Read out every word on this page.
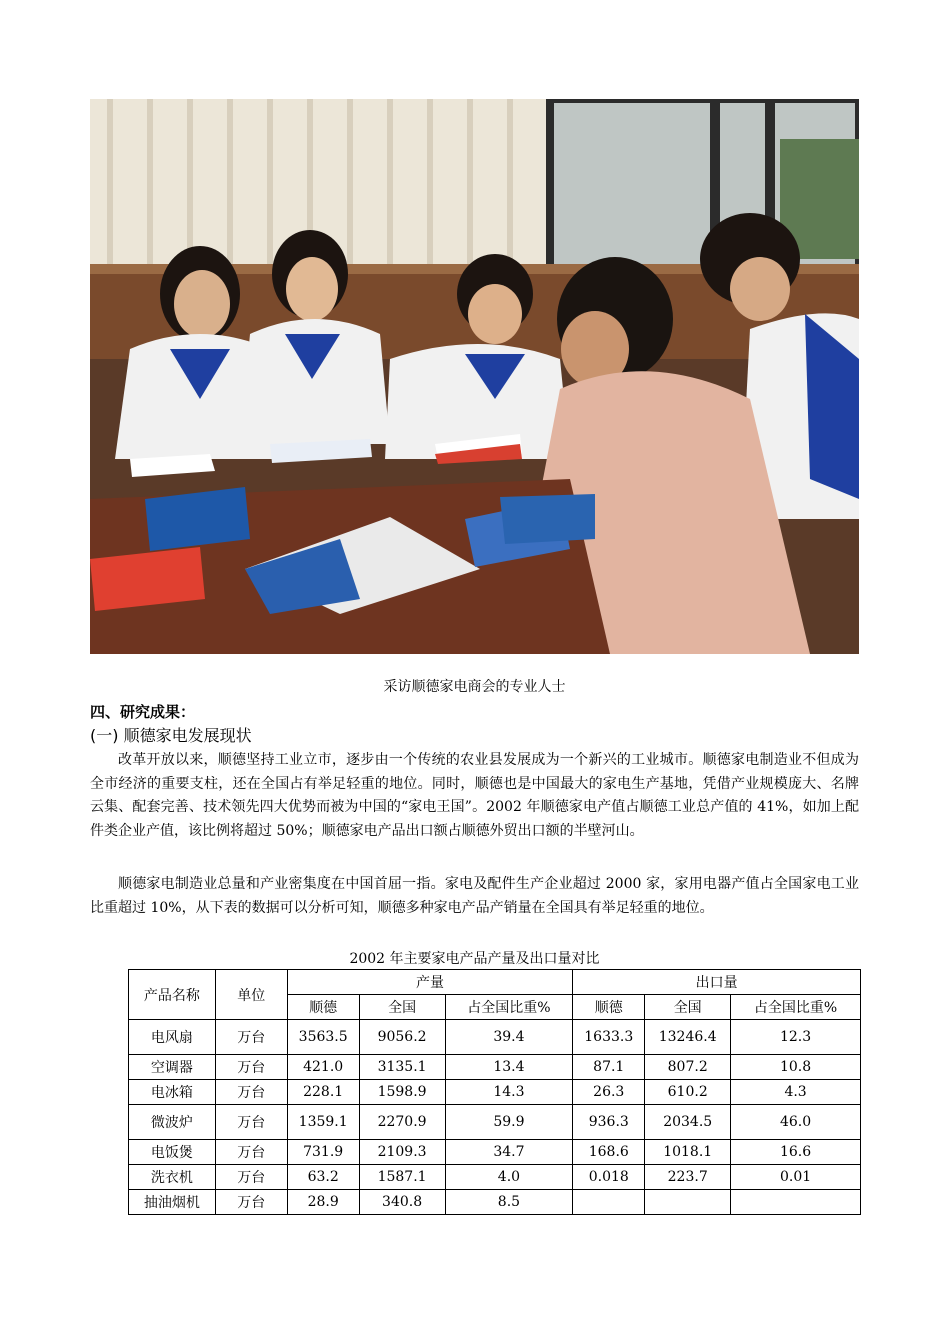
采访顺德家电商会的专业人士
四、研究成果：
(一) 顺德家电发展现状

改革开放以来，顺德坚持工业立市，逐步由一个传统的农业县发展成为一个新兴的工业城市。顺德家电制造业不但成为全市经济的重要支柱，还在全国占有举足轻重的地位。同时，顺德也是中国最大的家电生产基地，凭借产业规模庞大、名牌云集、配套完善、技术领先四大优势而被为中国的“家电王国”。2002 年顺德家电产值占顺德工业总产值的 41%，如加上配件类企业产值，该比例将超过 50%；顺德家电产品出口额占顺德外贸出口额的半壁河山。

顺德家电制造业总量和产业密集度在中国首屈一指。家电及配件生产企业超过 2000 家，家用电器产值占全国家电工业比重超过 10%，从下表的数据可以分析可知，顺德多种家电产品产销量在全国具有举足轻重的地位。

2002 年主要家电产品产量及出口量对比
产品名称	单位	产量			出口量		
		顺德	全国	占全国比重%	顺德	全国	占全国比重%
电风扇	万台	3563.5	9056.2	39.4	1633.3	13246.4	12.3
空调器	万台	421.0	3135.1	13.4	87.1	807.2	10.8
电冰箱	万台	228.1	1598.9	14.3	26.3	610.2	4.3
微波炉	万台	1359.1	2270.9	59.9	936.3	2034.5	46.0
电饭煲	万台	731.9	2109.3	34.7	168.6	1018.1	16.6
洗衣机	万台	63.2	1587.1	4.0	0.018	223.7	0.01
抽油烟机	万台	28.9	340.8	8.5			
